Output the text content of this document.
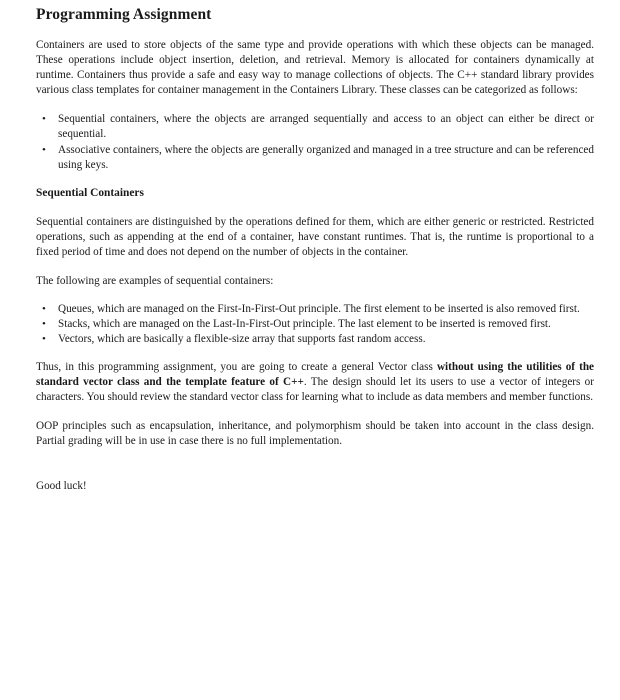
Programming Assignment

Containers are used to store objects of the same type and provide operations with which these objects can be managed. These operations include object insertion, deletion, and retrieval. Memory is allocated for containers dynamically at runtime. Containers thus provide a safe and easy way to manage collections of objects. The C++ standard library provides various class templates for container management in the Containers Library. These classes can be categorized as follows:

• Sequential containers, where the objects are arranged sequentially and access to an object can either be direct or sequential.
• Associative containers, where the objects are generally organized and managed in a tree structure and can be referenced using keys.
Sequential Containers

Sequential containers are distinguished by the operations defined for them, which are either generic or restricted. Restricted operations, such as appending at the end of a container, have constant runtimes. That is, the runtime is proportional to a fixed period of time and does not depend on the number of objects in the container.

The following are examples of sequential containers:

• Queues, which are managed on the First-In-First-Out principle. The first element to be inserted is also removed first.
• Stacks, which are managed on the Last-In-First-Out principle. The last element to be inserted is removed first.
• Vectors, which are basically a flexible-size array that supports fast random access.

Thus, in this programming assignment, you are going to create a general Vector class without using the utilities of the standard vector class and the template feature of C++. The design should let its users to use a vector of integers or characters. You should review the standard vector class for learning what to include as data members and member functions.

OOP principles such as encapsulation, inheritance, and polymorphism should be taken into account in the class design. Partial grading will be in use in case there is no full implementation.

Good luck!
